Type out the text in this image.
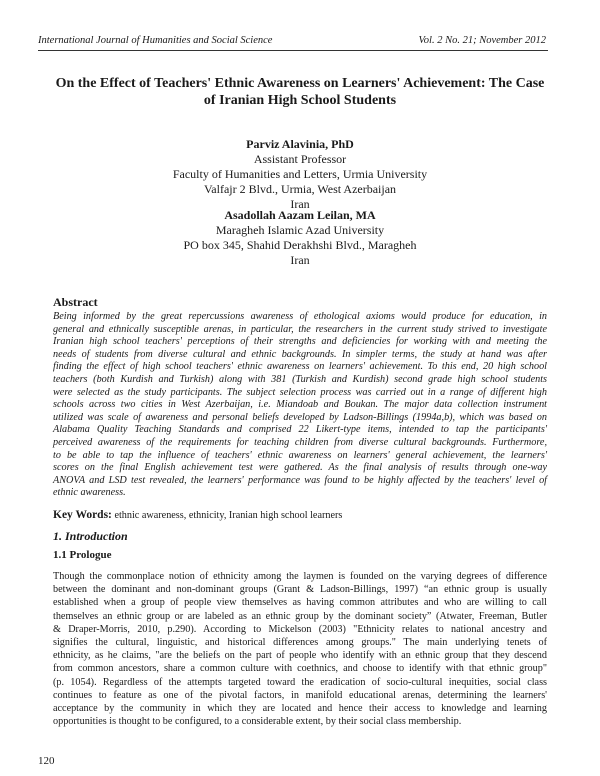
International Journal of Humanities and Social Science	Vol. 2 No. 21; November 2012
On the Effect of Teachers' Ethnic Awareness on Learners' Achievement: The Case
of Iranian High School Students
Parviz Alavinia, PhD
Assistant Professor
Faculty of Humanities and Letters, Urmia University
Valfajr 2 Blvd., Urmia, West Azerbaijan
Iran
Asadollah Aazam Leilan, MA
Maragheh Islamic Azad University
PO box 345, Shahid Derakhshi Blvd., Maragheh
Iran
Abstract
Being informed by the great repercussions awareness of ethological axioms would produce for education, in
general and ethnically susceptible arenas, in particular, the researchers in the current study strived to investigate
Iranian high school teachers' perceptions of their strengths and deficiencies for working with and meeting the
needs of students from diverse cultural and ethnic backgrounds. In simpler terms, the study at hand was after
finding the effect of high school teachers' ethnic awareness on learners' achievement. To this end, 20 high school
teachers (both Kurdish and Turkish) along with 381 (Turkish and Kurdish) second grade high school students
were selected as the study participants. The subject selection process was carried out in a range of different high
schools across two cities in West Azerbaijan, i.e. Miandoab and Boukan. The major data collection instrument
utilized was scale of awareness and personal beliefs developed by Ladson-Billings (1994a,b), which was based on
Alabama Quality Teaching Standards and comprised 22 Likert-type items, intended to tap the participants'
perceived awareness of the requirements for teaching children from diverse cultural backgrounds. Furthermore,
to be able to tap the influence of teachers' ethnic awareness on learners' general achievement, the learners'
scores on the final English achievement test were gathered. As the final analysis of results through one-way
ANOVA and LSD test revealed, the learners' performance was found to be highly affected by the teachers' level of
ethnic awareness.
Key Words: ethnic awareness, ethnicity, Iranian high school learners
1. Introduction
1.1 Prologue
Though the commonplace notion of ethnicity among the laymen is founded on the varying degrees of difference
between the dominant and non-dominant groups (Grant & Ladson-Billings, 1997) “an ethnic group is usually
established when a group of people view themselves as having common attributes and who are willing to call
themselves an ethnic group or are labeled as an ethnic group by the dominant society” (Atwater, Freeman, Butler
& Draper-Morris, 2010, p.290). According to Mickelson (2003) "Ethnicity relates to national ancestry and
signifies the cultural, linguistic, and historical differences among groups." The main underlying tenets of
ethnicity, as he claims, "are the beliefs on the part of people who identify with an ethnic group that they descend
from common ancestors, share a common culture with coethnics, and choose to identify with that ethnic group"
(p. 1054). Regardless of the attempts targeted toward the eradication of socio-cultural inequities, social class
continues to feature as one of the pivotal factors, in manifold educational arenas, determining the learners'
acceptance by the community in which they are located and hence their access to knowledge and learning
opportunities is thought to be configured, to a considerable extent, by their social class membership.
120
